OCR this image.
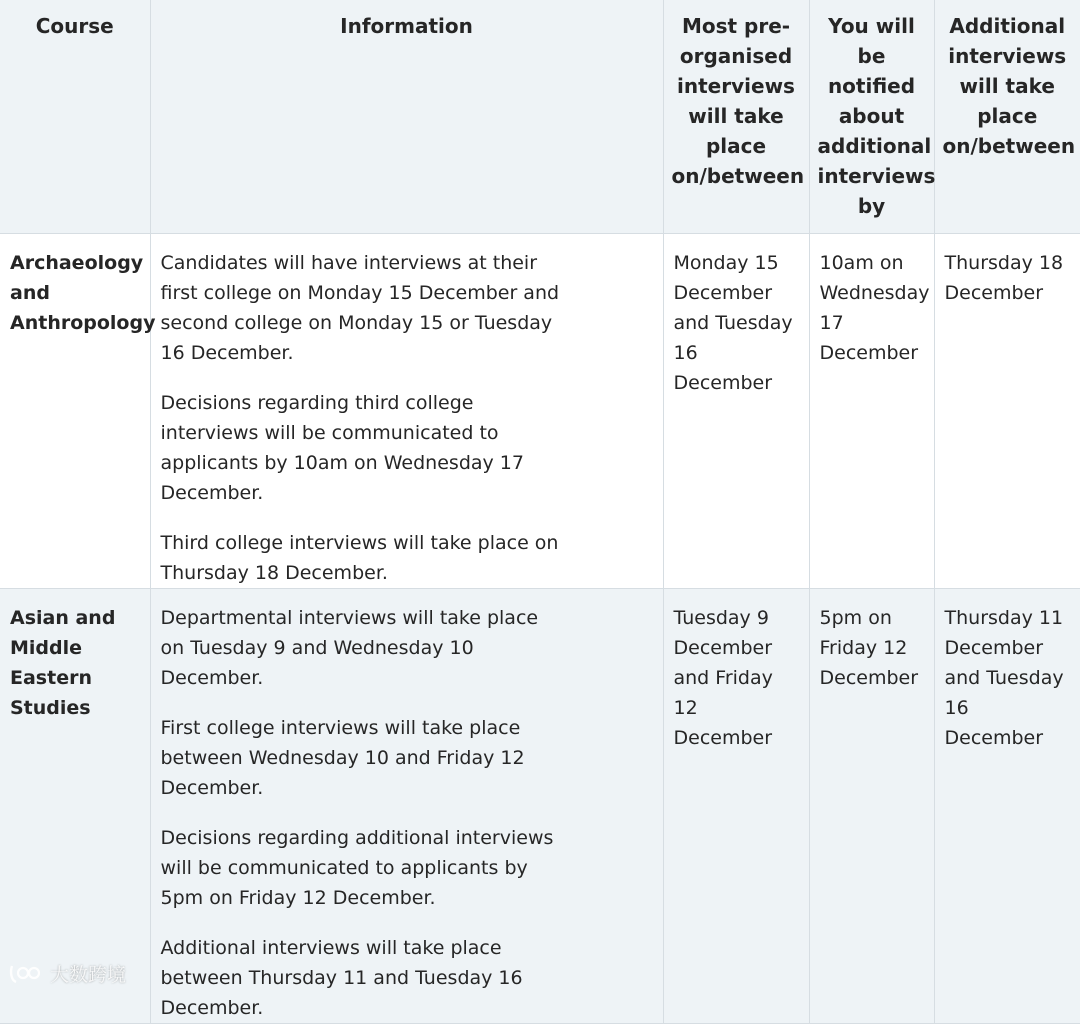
Course	Information	Most pre-organised interviews will take place on/between	You will be notified about additional interviews by	Additional interviews will take place on/between
Archaeology and Anthropology	Candidates will have interviews at their first college on Monday 15 December and second college on Monday 15 or Tuesday 16 December.

Decisions regarding third college interviews will be communicated to applicants by 10am on Wednesday 17 December.

Third college interviews will take place on Thursday 18 December.	Monday 15 December and Tuesday 16 December	10am on Wednesday 17 December	Thursday 18 December
Asian and Middle Eastern Studies	Departmental interviews will take place on Tuesday 9 and Wednesday 10 December.

First college interviews will take place between Wednesday 10 and Friday 12 December.

Decisions regarding additional interviews will be communicated to applicants by 5pm on Friday 12 December.

Additional interviews will take place between Thursday 11 and Tuesday 16 December.	Tuesday 9 December and Friday 12 December	5pm on Friday 12 December	Thursday 11 December and Tuesday 16 December
大数跨境
